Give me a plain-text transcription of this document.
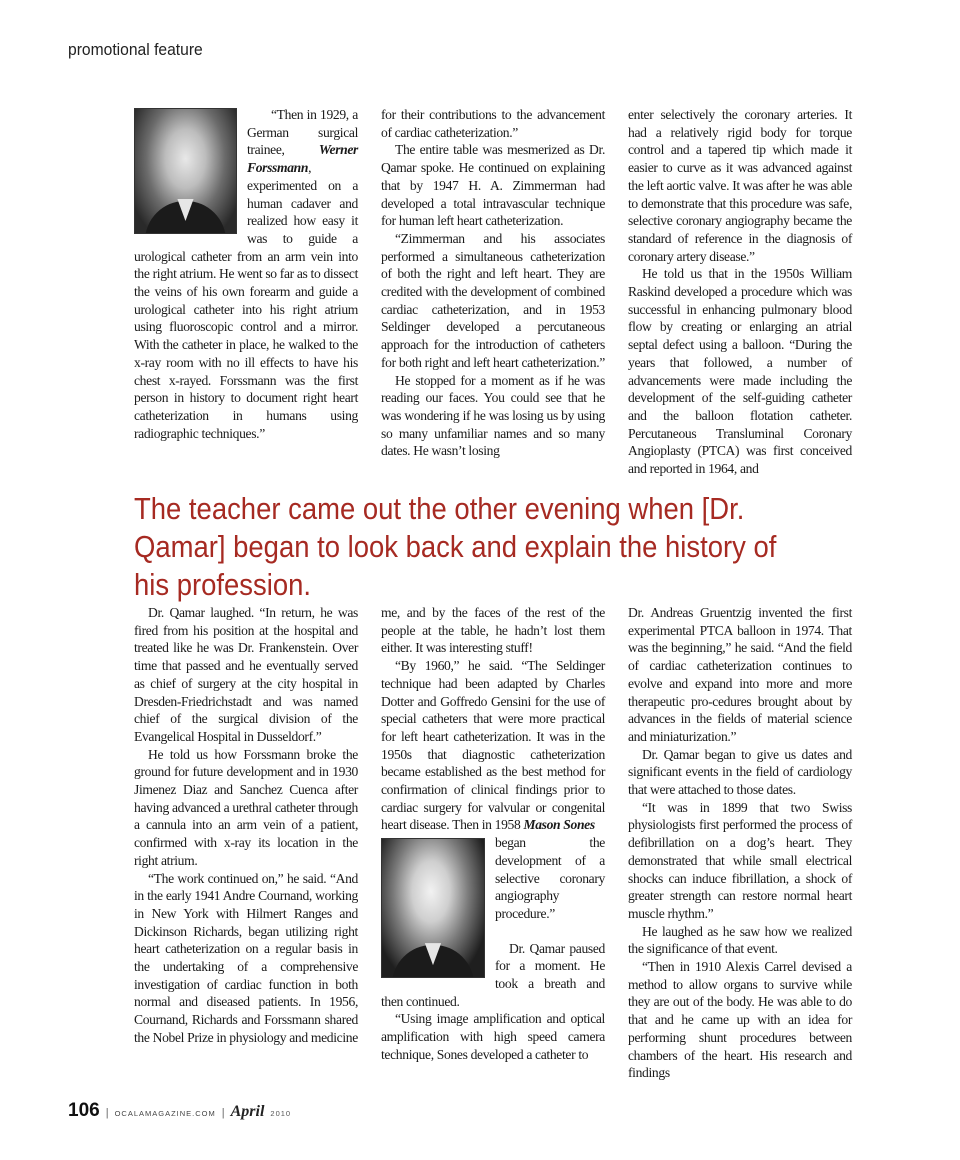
promotional feature

“Then in 1929, a German surgical trainee, Werner Forssmann, experimented on a human cadaver and realized how easy it was to guide a urological catheter from an arm vein into the right atrium. He went so far as to dissect the veins of his own forearm and guide a urological catheter into his right atrium using fluoroscopic control and a mirror. With the catheter in place, he walked to the x-ray room with no ill effects to have his chest x-rayed. Forssmann was the first person in history to document right heart catheterization in humans using radiographic techniques.”

for their contributions to the advancement of cardiac catheterization.”

The entire table was mesmerized as Dr. Qamar spoke. He continued on explaining that by 1947 H. A. Zimmerman had developed a total intravascular technique for human left heart catheterization.

“Zimmerman and his associates performed a simultaneous catheterization of both the right and left heart. They are credited with the development of combined cardiac catheterization, and in 1953 Seldinger developed a percutaneous approach for the introduction of catheters for both right and left heart catheterization.”

He stopped for a moment as if he was reading our faces. You could see that he was wondering if he was losing us by using so many unfamiliar names and so many dates. He wasn’t losing

enter selectively the coronary arteries. It had a relatively rigid body for torque control and a tapered tip which made it easier to curve as it was advanced against the left aortic valve. It was after he was able to demonstrate that this procedure was safe, selective coronary angiography became the standard of reference in the diagnosis of coronary artery disease.”

He told us that in the 1950s William Raskind developed a procedure which was successful in enhancing pulmonary blood flow by creating or enlarging an atrial septal defect using a balloon. “During the years that followed, a number of advancements were made including the development of the self-guiding catheter and the balloon flotation catheter. Percutaneous Transluminal Coronary Angioplasty (PTCA) was first conceived and reported in 1964, and

The teacher came out the other evening when [Dr. Qamar] began to look back and explain the history of his profession.

Dr. Qamar laughed. “In return, he was fired from his position at the hospital and treated like he was Dr. Frankenstein. Over time that passed and he eventually served as chief of surgery at the city hospital in Dresden-Friedrichstadt and was named chief of the surgical division of the Evangelical Hospital in Dusseldorf.”

He told us how Forssmann broke the ground for future development and in 1930 Jimenez Diaz and Sanchez Cuenca after having advanced a urethral catheter through a cannula into an arm vein of a patient, confirmed with x-ray its location in the right atrium.

“The work continued on,” he said. “And in the early 1941 Andre Cournand, working in New York with Hilmert Ranges and Dickinson Richards, began utilizing right heart catheterization on a regular basis in the undertaking of a comprehensive investigation of cardiac function in both normal and diseased patients. In 1956, Cournand, Richards and Forssmann shared the Nobel Prize in physiology and medicine

me, and by the faces of the rest of the people at the table, he hadn’t lost them either. It was interesting stuff!

“By 1960,” he said. “The Seldinger technique had been adapted by Charles Dotter and Goffredo Gensini for the use of special catheters that were more practical for left heart catheterization. It was in the 1950s that diagnostic catheterization became established as the best method for confirmation of clinical findings prior to cardiac surgery for valvular or congenital heart disease. Then in 1958 Mason Sones

began the development of a selective coronary angiography procedure.”

Dr. Qamar paused for a moment. He took a breath and then continued.

“Using image amplification and optical amplification with high speed camera technique, Sones developed a catheter to

Dr. Andreas Gruentzig invented the first experimental PTCA balloon in 1974. That was the beginning,” he said. “And the field of cardiac catheterization continues to evolve and expand into more and more therapeutic pro-cedures brought about by advances in the fields of material science and miniaturization.”

Dr. Qamar began to give us dates and significant events in the field of cardiology that were attached to those dates.

“It was in 1899 that two Swiss physiologists first performed the process of defibrillation on a dog’s heart. They demonstrated that while small electrical shocks can induce fibrillation, a shock of greater strength can restore normal heart muscle rhythm.”

He laughed as he saw how we realized the significance of that event.

“Then in 1910 Alexis Carrel devised a method to allow organs to survive while they are out of the body. He was able to do that and he came up with an idea for performing shunt procedures between chambers of the heart. His research and findings

106 | OCALAMAGAZINE.COM | April 2010
